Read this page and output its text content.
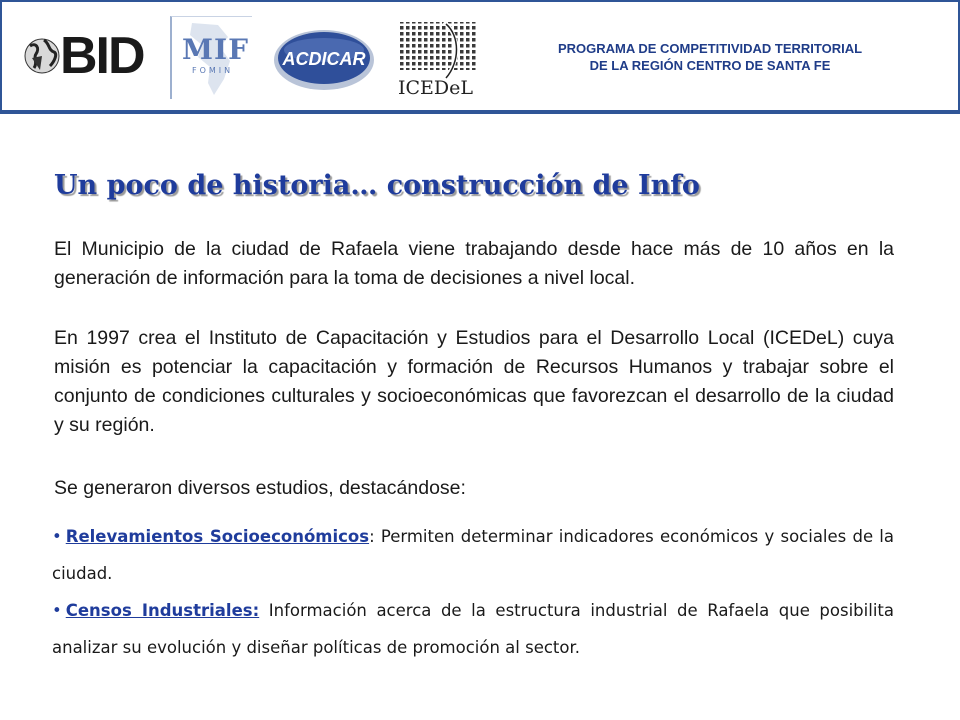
BID MIF
FOMIN
ACDICAR
ICEDeL
PROGRAMA DE COMPETITIVIDAD TERRITORIAL
DE LA REGIÓN CENTRO DE SANTA FE
Un poco de historia… construcción de Info

El Municipio de la ciudad de Rafaela viene trabajando desde hace más de 10 años en la generación de información para la toma de decisiones a nivel local.

En 1997 crea el Instituto de Capacitación y Estudios para el Desarrollo Local (ICEDeL) cuya misión es potenciar la capacitación y formación de Recursos Humanos y trabajar sobre el conjunto de condiciones culturales y socioeconómicas que favorezcan el desarrollo de la ciudad y su región.

Se generaron diversos estudios, destacándose:

• Relevamientos Socioeconómicos: Permiten determinar indicadores económicos y sociales de la ciudad.

• Censos Industriales: Información acerca de la estructura industrial de Rafaela que posibilita analizar su evolución y diseñar políticas de promoción al sector.
